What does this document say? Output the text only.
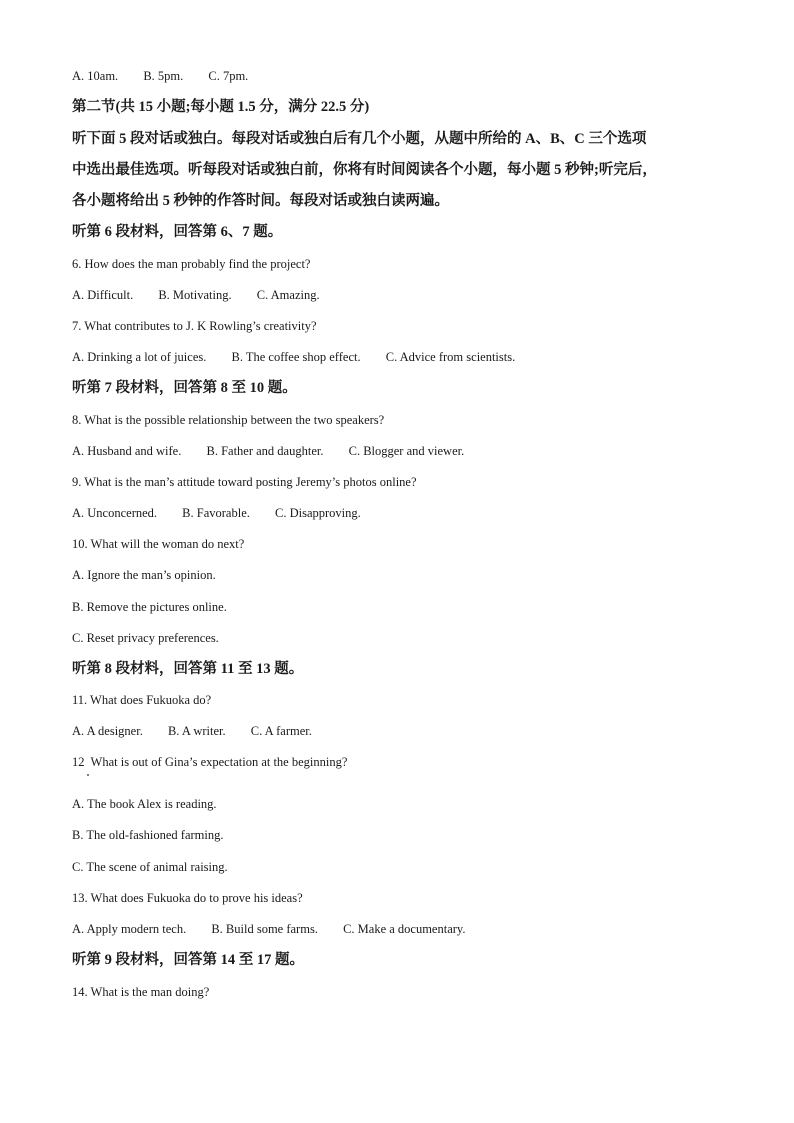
A. 10am. B. 5pm. C. 7pm.
第二节(共 15 小题;每小题 1.5 分，满分 22.5 分)
听下面 5 段对话或独白。每段对话或独白后有几个小题，从题中所给的 A、B、C 三个选项
中选出最佳选项。听每段对话或独白前，你将有时间阅读各个小题，每小题 5 秒钟;听完后，
各小题将给出 5 秒钟的作答时间。每段对话或独白读两遍。
听第 6 段材料，回答第 6、7 题。
6. How does the man probably find the project?
A. Difficult. B. Motivating. C. Amazing.
7. What contributes to J. K Rowling’s creativity?
A. Drinking a lot of juices. B. The coffee shop effect. C. Advice from scientists.
听第 7 段材料，回答第 8 至 10 题。
8. What is the possible relationship between the two speakers?
A. Husband and wife. B. Father and daughter. C. Blogger and viewer.
9. What is the man’s attitude toward posting Jeremy’s photos online?
A. Unconcerned. B. Favorable. C. Disapproving.
10. What will the woman do next?
A. Ignore the man’s opinion.
B. Remove the pictures online.
C. Reset privacy preferences.
听第 8 段材料，回答第 11 至 13 题。
11. What does Fukuoka do?
A. A designer. B. A writer. C. A farmer.
12  What is out of Gina’s expectation at the beginning?
A. The book Alex is reading.
B. The old-fashioned farming.
C. The scene of animal raising.
13. What does Fukuoka do to prove his ideas?
A. Apply modern tech. B. Build some farms. C. Make a documentary.
听第 9 段材料，回答第 14 至 17 题。
14. What is the man doing?
